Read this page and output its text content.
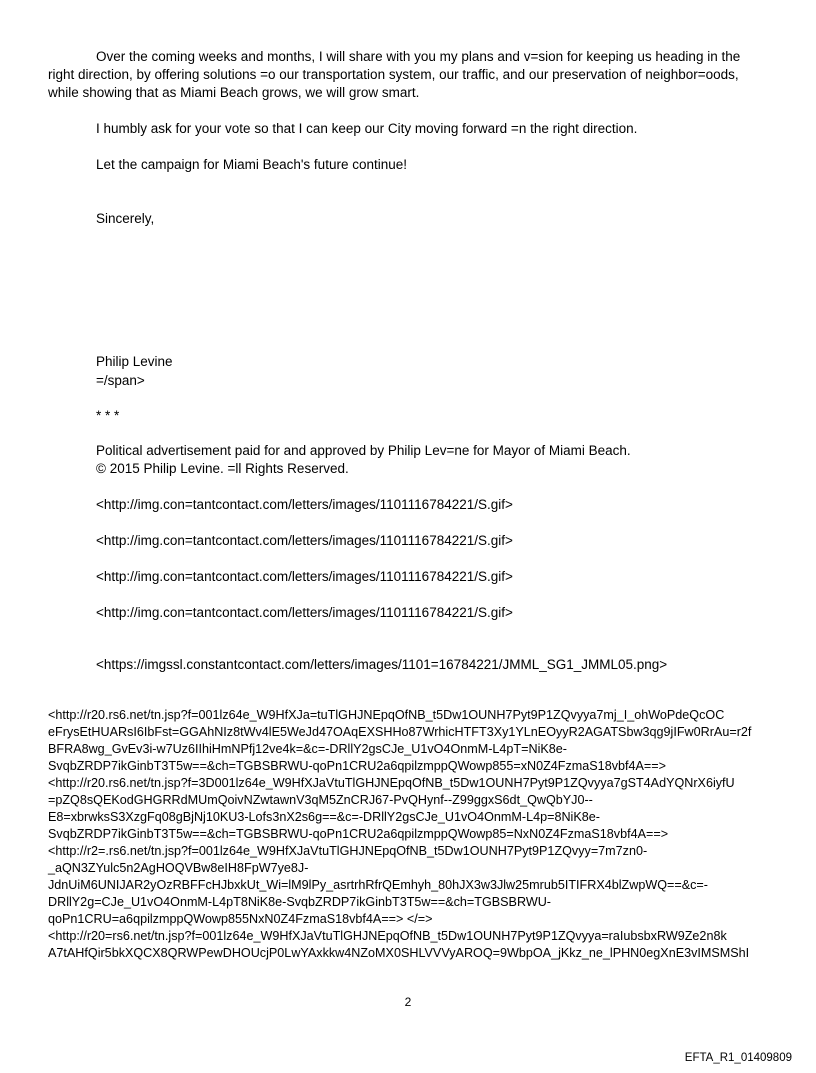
Over the coming weeks and months, I will share with you my plans and v=sion for keeping us heading in the right direction, by offering solutions =o our transportation system, our traffic, and our preservation of neighbor=oods, while showing that as Miami Beach grows, we will grow smart.

I humbly ask for your vote so that I can keep our City moving forward =n the right direction.

Let the campaign for Miami Beach's future continue!

Sincerely,

Philip Levine

=/span>

* * *

Political advertisement paid for and approved by Philip Lev=ne for Mayor of Miami Beach.

© 2015 Philip Levine. =ll Rights Reserved.

<http://img.con=tantcontact.com/letters/images/1101116784221/S.gif>

<http://img.con=tantcontact.com/letters/images/1101116784221/S.gif>

<http://img.con=tantcontact.com/letters/images/1101116784221/S.gif>

<http://img.con=tantcontact.com/letters/images/1101116784221/S.gif>

<https://imgssl.constantcontact.com/letters/images/1101=16784221/JMML_SG1_JMML05.png>

<http://r20.rs6.net/tn.jsp?f=001lz64e_W9HfXJa=tuTlGHJNEpqOfNB_t5Dw1OUNH7Pyt9P1ZQvyya7mj_I_ohWoPdeQcOC
eFrysEtHUARsI6IbFst=GGAhNIz8tWv4lE5WeJd47OAqEXSHHo87WrhicHTFT3Xy1YLnEOyyR2AGATSbw3qg9jIFw0RrAu=r2f
BFRA8wg_GvEv3i-w7Uz6IIhiHmNPfj12ve4k=&c=-DRllY2gsCJe_U1vO4OnmM-L4pT=NiK8e-
SvqbZRDP7ikGinbT3T5w==&ch=TGBSBRWU-qoPn1CRU2a6qpilzmppQWowp855=xN0Z4FzmaS18vbf4A==>
<http://r20.rs6.net/tn.jsp?f=3D001lz64e_W9HfXJaVtuTlGHJNEpqOfNB_t5Dw1OUNH7Pyt9P1ZQvyya7gST4AdYQNrX6iyfU
=pZQ8sQEKodGHGRRdMUmQoivNZwtawnV3qM5ZnCRJ67-PvQHynf--Z99ggxS6dt_QwQbYJ0--
E8=xbrwksS3XzgFq08gBjNj10KU3-Lofs3nX2s6g==&c=-DRllY2gsCJe_U1vO4OnmM-L4p=8NiK8e-
SvqbZRDP7ikGinbT3T5w==&ch=TGBSBRWU-qoPn1CRU2a6qpilzmppQWowp85=NxN0Z4FzmaS18vbf4A==>
<http://r2=.rs6.net/tn.jsp?f=001lz64e_W9HfXJaVtuTlGHJNEpqOfNB_t5Dw1OUNH7Pyt9P1ZQvyy=7m7zn0-
_aQN3ZYulc5n2AgHOQVBw8eIH8FpW7ye8J-
JdnUiM6UNIJAR2yOzRBFFcHJbxkUt_Wi=lM9lPy_asrtrhRfrQEmhyh_80hJX3w3Jlw25mrub5ITIFRX4blZwpWQ==&c=-
DRllY2g=CJe_U1vO4OnmM-L4pT8NiK8e-SvqbZRDP7ikGinbT3T5w==&ch=TGBSBRWU-
qoPn1CRU=a6qpilzmppQWowp855NxN0Z4FzmaS18vbf4A==> </=>
<http://r20=rs6.net/tn.jsp?f=001lz64e_W9HfXJaVtuTlGHJNEpqOfNB_t5Dw1OUNH7Pyt9P1ZQvyya=raIubsbxRW9Ze2n8k
A7tAHfQir5bkXQCX8QRWPewDHOUcjP0LwYAxkkw4NZoMX0SHLVVVyAROQ=9WbpOA_jKkz_ne_lPHN0egXnE3vIMSMShI
2
EFTA_R1_01409809
